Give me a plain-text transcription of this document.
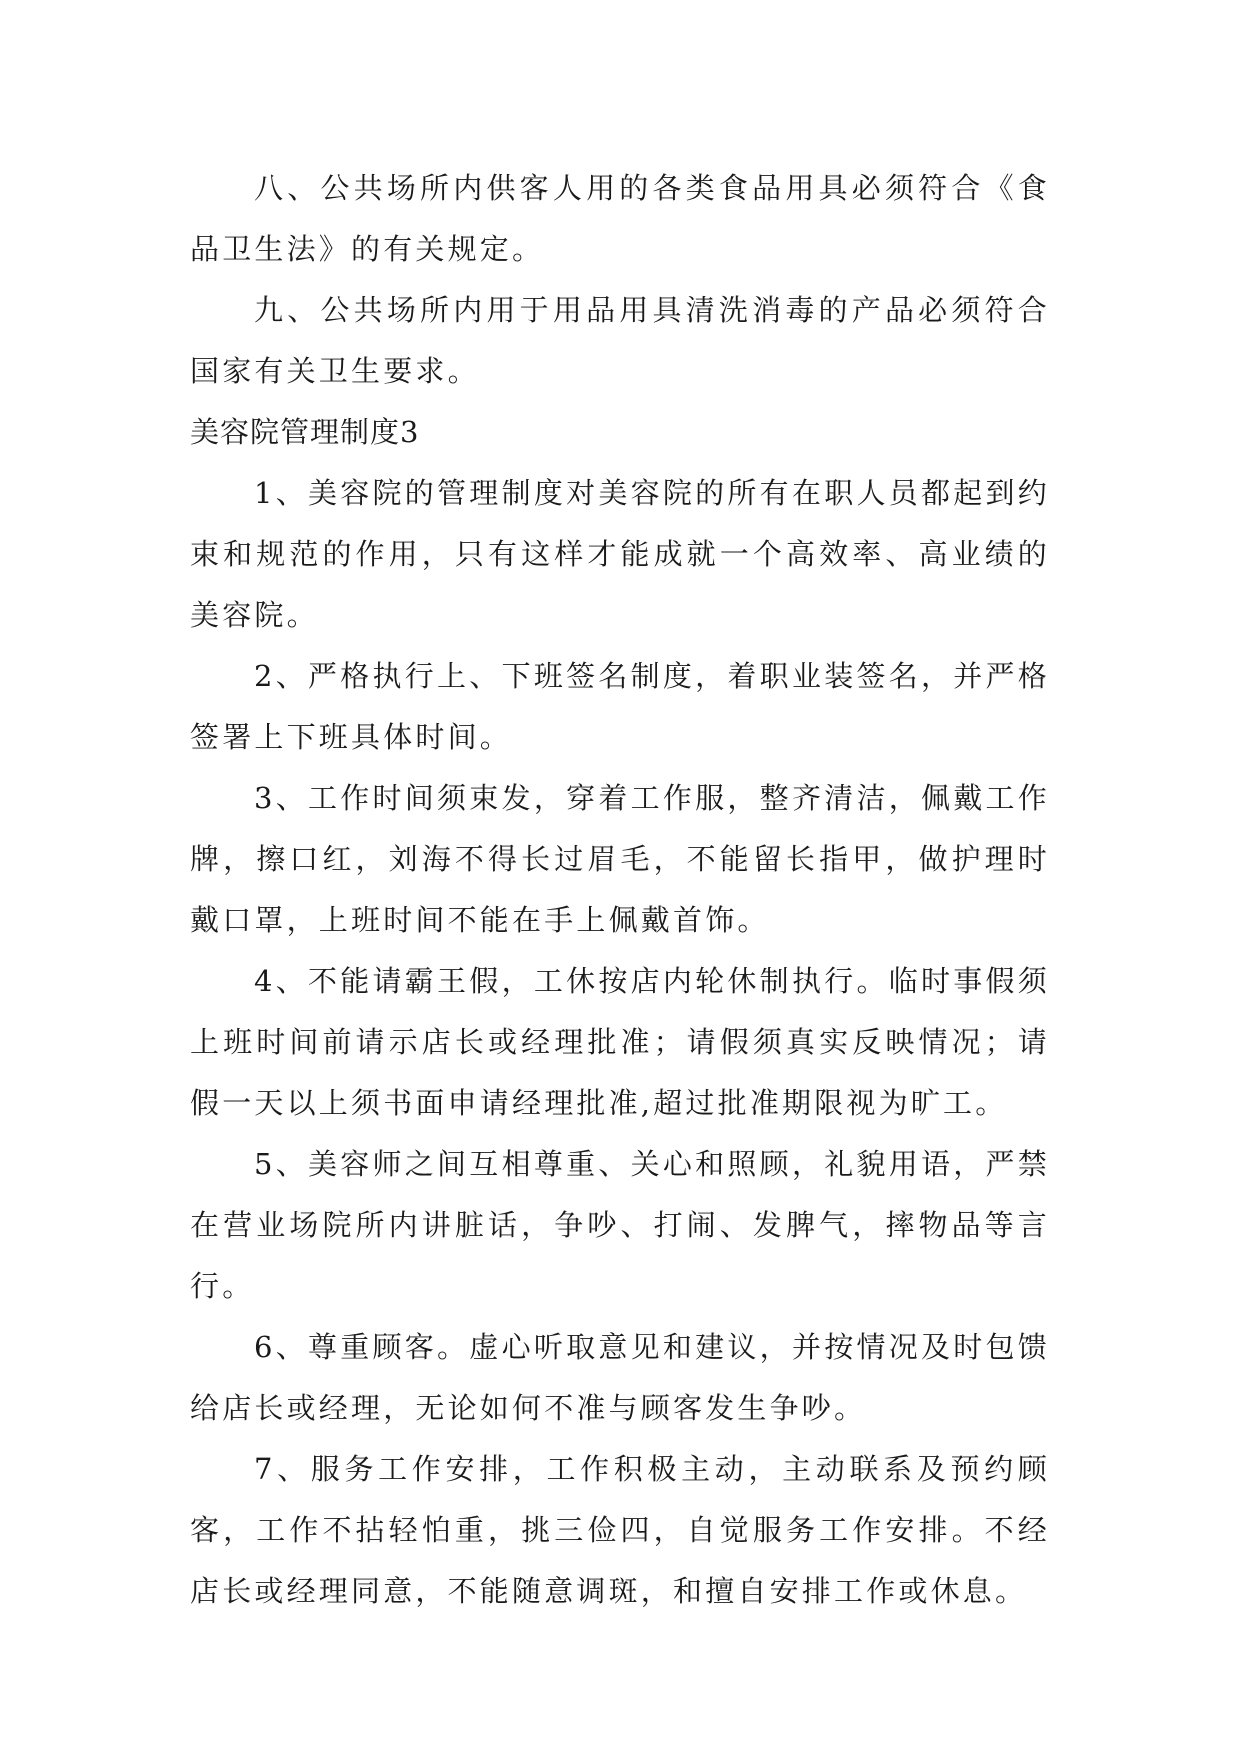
八、公共场所内供客人用的各类食品用具必须符合《食品卫生法》的有关规定。

九、公共场所内用于用品用具清洗消毒的产品必须符合国家有关卫生要求。

美容院管理制度3

1、美容院的管理制度对美容院的所有在职人员都起到约束和规范的作用，只有这样才能成就一个高效率、高业绩的美容院。

2、严格执行上、下班签名制度，着职业装签名，并严格签署上下班具体时间。

3、工作时间须束发，穿着工作服，整齐清洁，佩戴工作牌，擦口红，刘海不得长过眉毛，不能留长指甲，做护理时戴口罩，上班时间不能在手上佩戴首饰。

4、不能请霸王假，工休按店内轮休制执行。临时事假须上班时间前请示店长或经理批准；请假须真实反映情况；请假一天以上须书面申请经理批准,超过批准期限视为旷工。

5、美容师之间互相尊重、关心和照顾，礼貌用语，严禁在营业场院所内讲脏话，争吵、打闹、发脾气，摔物品等言行。

6、尊重顾客。虚心听取意见和建议，并按情况及时包馈给店长或经理，无论如何不准与顾客发生争吵。

7、服务工作安排，工作积极主动，主动联系及预约顾客，工作不拈轻怕重，挑三俭四，自觉服务工作安排。不经店长或经理同意，不能随意调斑，和擅自安排工作或休息。
